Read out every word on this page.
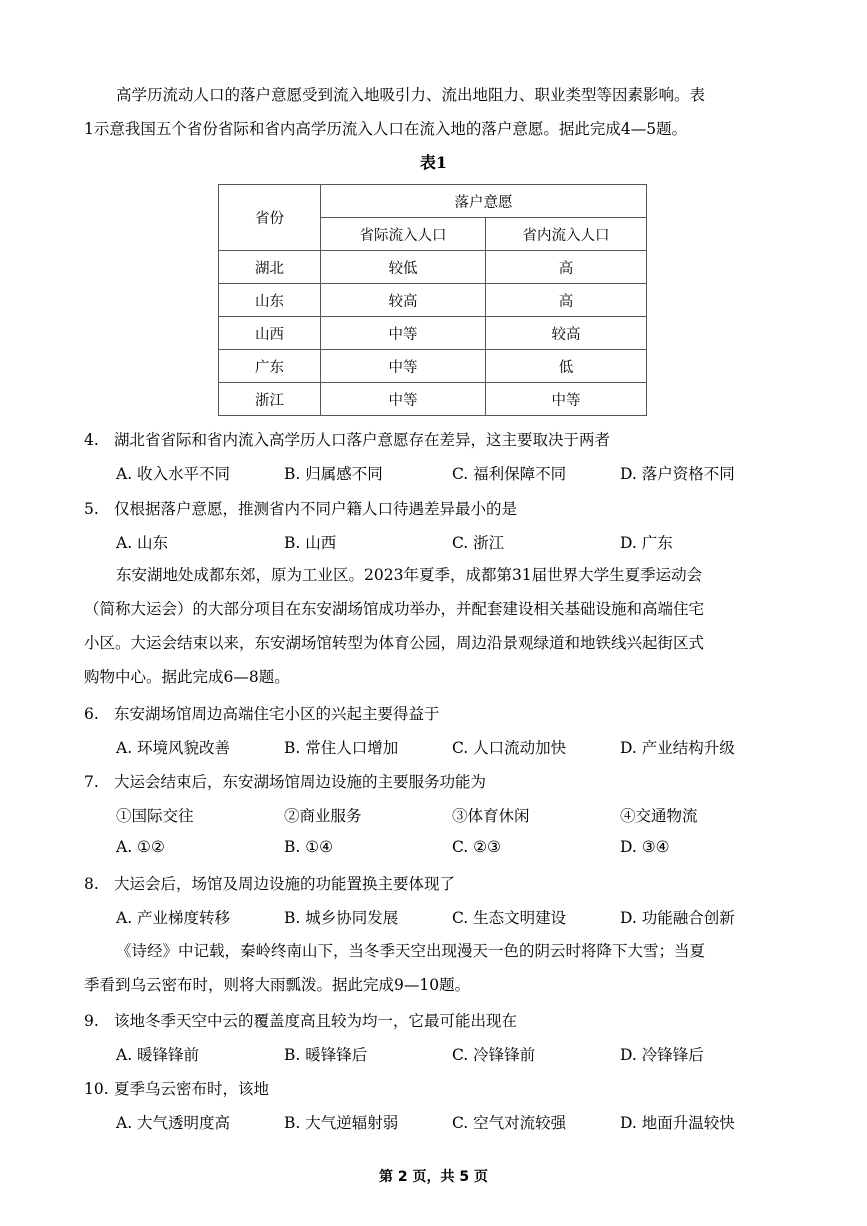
高学历流动人口的落户意愿受到流入地吸引力、流出地阻力、职业类型等因素影响。表
1示意我国五个省份省际和省内高学历流入人口在流入地的落户意愿。据此完成4—5题。
表1
省份	落户意愿	
	省际流入人口	省内流入人口
湖北	较低	高
山东	较高	高
山西	中等	较高
广东	中等	低
浙江	中等	中等
4. 湖北省省际和省内流入高学历人口落户意愿存在差异，这主要取决于两者
A. 收入水平不同	B. 归属感不同	C. 福利保障不同	D. 落户资格不同
5. 仅根据落户意愿，推测省内不同户籍人口待遇差异最小的是
A. 山东	B. 山西	C. 浙江	D. 广东
东安湖地处成都东郊，原为工业区。2023年夏季，成都第31届世界大学生夏季运动会
（简称大运会）的大部分项目在东安湖场馆成功举办，并配套建设相关基础设施和高端住宅
小区。大运会结束以来，东安湖场馆转型为体育公园，周边沿景观绿道和地铁线兴起街区式
购物中心。据此完成6—8题。
6. 东安湖场馆周边高端住宅小区的兴起主要得益于
A. 环境风貌改善	B. 常住人口增加	C. 人口流动加快	D. 产业结构升级
7. 大运会结束后，东安湖场馆周边设施的主要服务功能为
①国际交往	②商业服务	③体育休闲	④交通物流
A. ①②	B. ①④	C. ②③	D. ③④
8. 大运会后，场馆及周边设施的功能置换主要体现了
A. 产业梯度转移	B. 城乡协同发展	C. 生态文明建设	D. 功能融合创新
《诗经》中记载，秦岭终南山下，当冬季天空出现漫天一色的阴云时将降下大雪；当夏
季看到乌云密布时，则将大雨瓢泼。据此完成9—10题。
9. 该地冬季天空中云的覆盖度高且较为均一，它最可能出现在
A. 暖锋锋前	B. 暖锋锋后	C. 冷锋锋前	D. 冷锋锋后
10. 夏季乌云密布时，该地
A. 大气透明度高	B. 大气逆辐射弱	C. 空气对流较强	D. 地面升温较快
第 2 页，共 5 页
